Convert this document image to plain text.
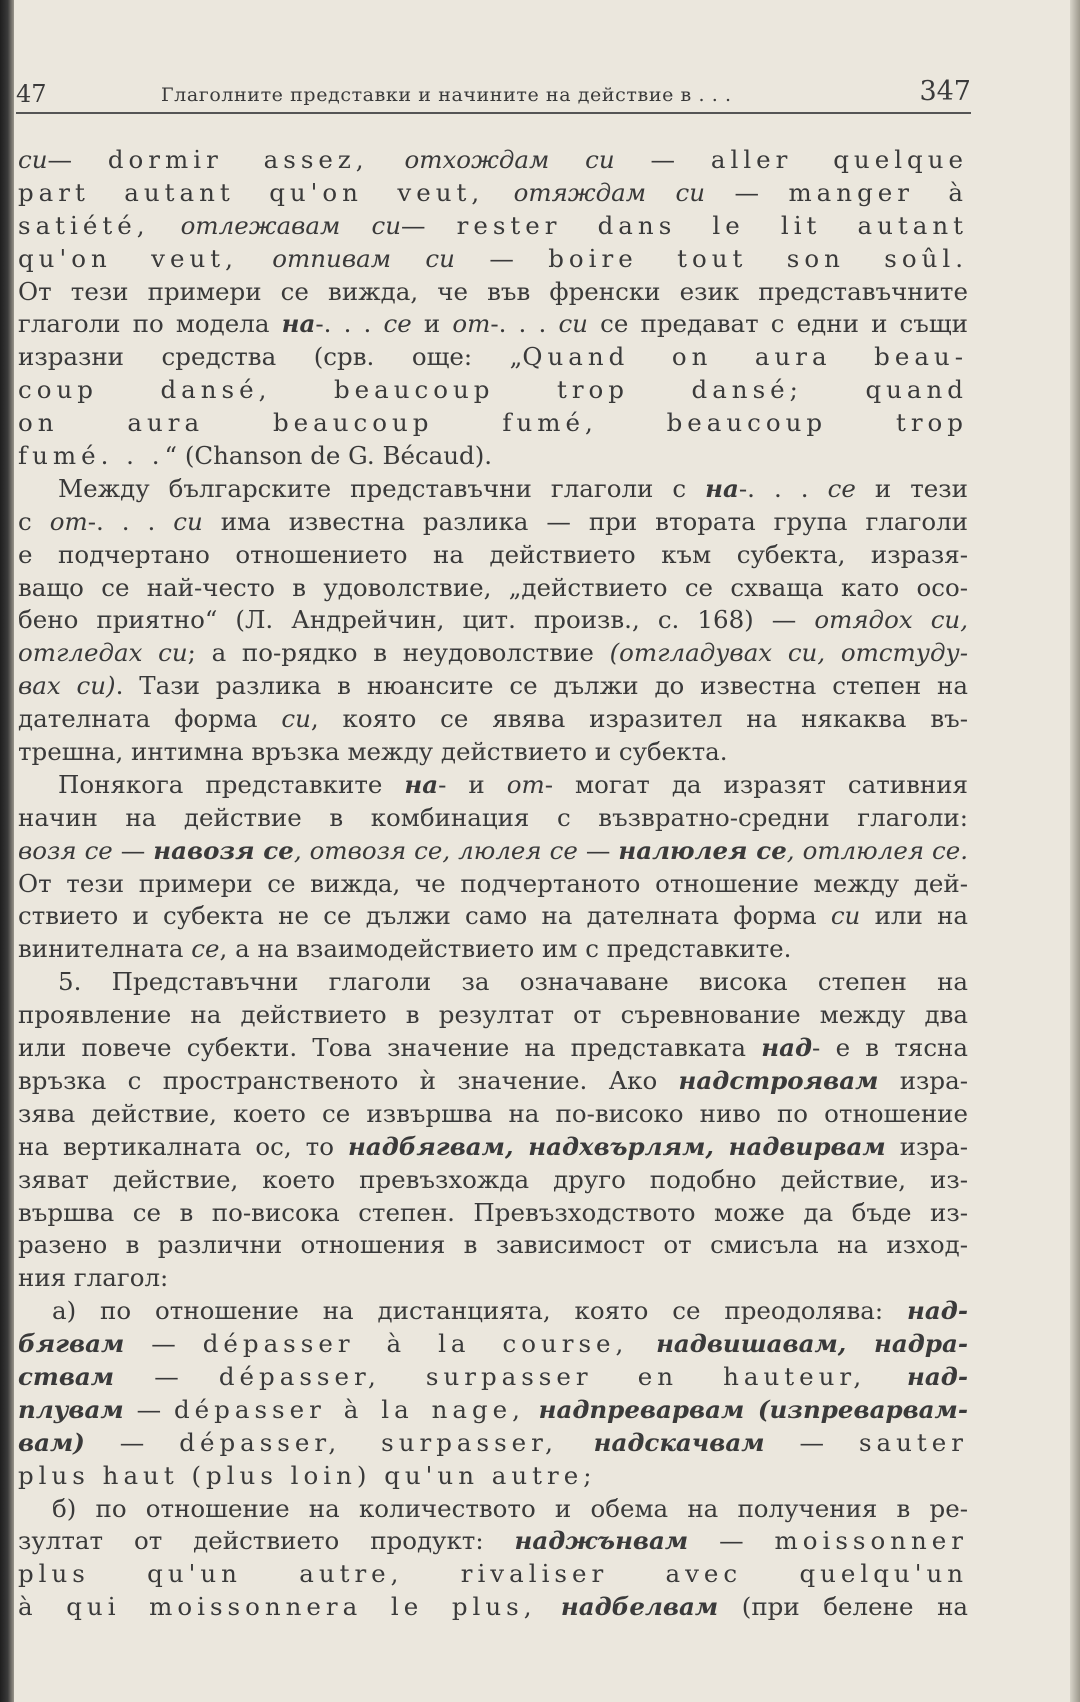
47	Глаголните представки и начините на действие в . . .	347
си— dormir assez, отхождам си — aller quelque
part autant qu'on veut, отяждам си — manger à
satiété, отлежавам си— rester dans le lit autant
qu'on veut, отпивам си — boire tout son soûl.
От тези примери се вижда, че във френски език представъчните
глаголи по модела на-. . . се и от-. . . си се предават с едни и същи
изразни средства (срв. още: „Quand on aura beau-
coup dansé, beaucoup trop dansé; quand
on aura beaucoup fumé, beaucoup trop
fumé. . .“ (Chanson de G. Bécaud).
Между българските представъчни глаголи с на-. . . се и тези
с от-. . . си има известна разлика — при втората група глаголи
е подчертано отношението на действието към субекта, изразя-
ващо се най-често в удоволствие, „действието се схваща като осо-
бено приятно“ (Л. Андрейчин, цит. произв., с. 168) — отядох си,
отгледах си; а по-рядко в неудоволствие (отгладувах си, отстуду-
вах си). Тази разлика в нюансите се дължи до известна степен на
дателната форма си, която се явява изразител на някаква въ-
трешна, интимна връзка между действието и субекта.
Понякога представките на- и от- могат да изразят сативния
начин на действие в комбинация с възвратно-средни глаголи:
возя се — навозя се, отвозя се, люлея се — налюлея се, отлюлея се.
От тези примери се вижда, че подчертаното отношение между дей-
ствието и субекта не се дължи само на дателната форма си или на
винителната се, а на взаимодействието им с представките.
5. Представъчни глаголи за означаване висока степен на
проявление на действието в резултат от съревнование между два
или повече субекти. Това значение на представката над- е в тясна
връзка с пространственото ѝ значение. Ако надстроявам изра-
зява действие, което се извършва на по-високо ниво по отношение
на вертикалната ос, то надбягвам, надхвърлям, надвирвам изра-
зяват действие, което превъзхожда друго подобно действие, из-
вършва се в по-висока степен. Превъзходството може да бъде из-
разено в различни отношения в зависимост от смисъла на изход-
ния глагол:
а) по отношение на дистанцията, която се преодолява: над-
бягвам — dépasser à la course, надвишавам, надра-
ствам — dépasser, surpasser en hauteur, над-
плувам — dépasser à la nage, надпреварвам (изпреварвам-
вам) — dépasser, surpasser, надскачвам — sauter
plus haut (plus loin) qu'un autre;
б) по отношение на количеството и обема на получения в ре-
зултат от действието продукт: наджънвам — moissonner
plus qu'un autre, rivaliser avec quelqu'un
à qui moissonnera le plus, надбелвам (при белене на
